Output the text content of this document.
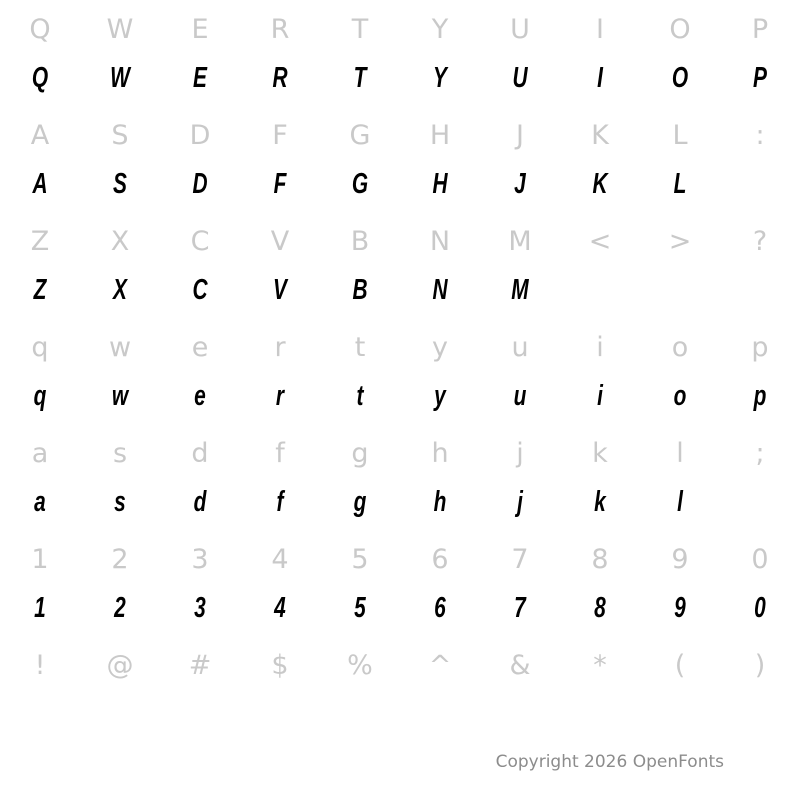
Q	W	E	R	T	Y	U	I	O	P
Q	W	E	R	T	Y	U	I	O	P
A	S	D	F	G	H	J	K	L	:
A	S	D	F	G	H	J	K	L
Z	X	C	V	B	N	M	<	>	?
Z	X	C	V	B	N	M
q	w	e	r	t	y	u	i	o	p
q	w	e	r	t	y	u	i	o	p
a	s	d	f	g	h	j	k	l	;
a	s	d	f	g	h	j	k	l
1	2	3	4	5	6	7	8	9	0
1	2	3	4	5	6	7	8	9	0
!	@	#	$	%	^	&	*	(	)
Copyright 2026 OpenFonts
